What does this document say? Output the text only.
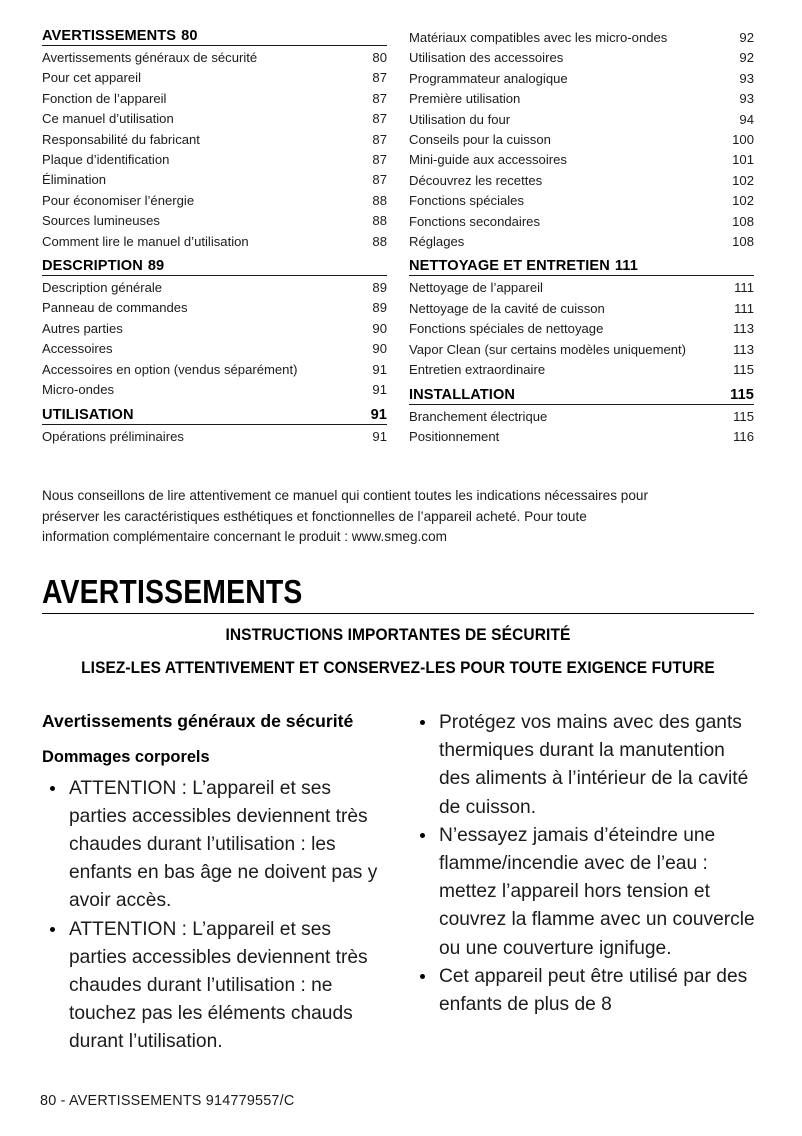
AVERTISSEMENTS 80
Avertissements généraux de sécurité	80
Pour cet appareil	87
Fonction de l’appareil	87
Ce manuel d’utilisation	87
Responsabilité du fabricant	87
Plaque d’identification	87
Élimination	87
Pour économiser l’énergie	88
Sources lumineuses	88
Comment lire le manuel d’utilisation	88
DESCRIPTION 89
Description générale	89
Panneau de commandes	89
Autres parties	90
Accessoires	90
Accessoires en option (vendus séparément)	91
Micro-ondes	91
UTILISATION	91
Opérations préliminaires	91
Matériaux compatibles avec les micro-ondes	92
Utilisation des accessoires	92
Programmateur analogique	93
Première utilisation	93
Utilisation du four	94
Conseils pour la cuisson	100
Mini-guide aux accessoires	101
Découvrez les recettes	102
Fonctions spéciales	102
Fonctions secondaires	108
Réglages	108
NETTOYAGE ET ENTRETIEN 111
Nettoyage de l’appareil	111
Nettoyage de la cavité de cuisson	111
Fonctions spéciales de nettoyage	113
Vapor Clean (sur certains modèles uniquement)	113
Entretien extraordinaire	115
INSTALLATION	115
Branchement électrique	115
Positionnement	116
Nous conseillons de lire attentivement ce manuel qui contient toutes les indications nécessaires pour
préserver les caractéristiques esthétiques et fonctionnelles de l’appareil acheté. Pour toute
information complémentaire concernant le produit : www.smeg.com
AVERTISSEMENTS
INSTRUCTIONS IMPORTANTES DE SÉCURITÉ
LISEZ-LES ATTENTIVEMENT ET CONSERVEZ-LES POUR TOUTE EXIGENCE FUTURE
Avertissements généraux de sécurité
Dommages corporels
ATTENTION : L’appareil et ses parties accessibles deviennent très chaudes durant l’utilisation : les enfants en bas âge ne doivent pas y avoir accès.
ATTENTION : L’appareil et ses parties accessibles deviennent très chaudes durant l’utilisation : ne touchez pas les éléments chauds durant l’utilisation.
Protégez vos mains avec des gants thermiques durant la manutention des aliments à l’intérieur de la cavité de cuisson.
N’essayez jamais d’éteindre une flamme/incendie avec de l’eau : mettez l’appareil hors tension et couvrez la flamme avec un couvercle ou une couverture ignifuge.
Cet appareil peut être utilisé par des enfants de plus de 8
80 - AVERTISSEMENTS 914779557/C
